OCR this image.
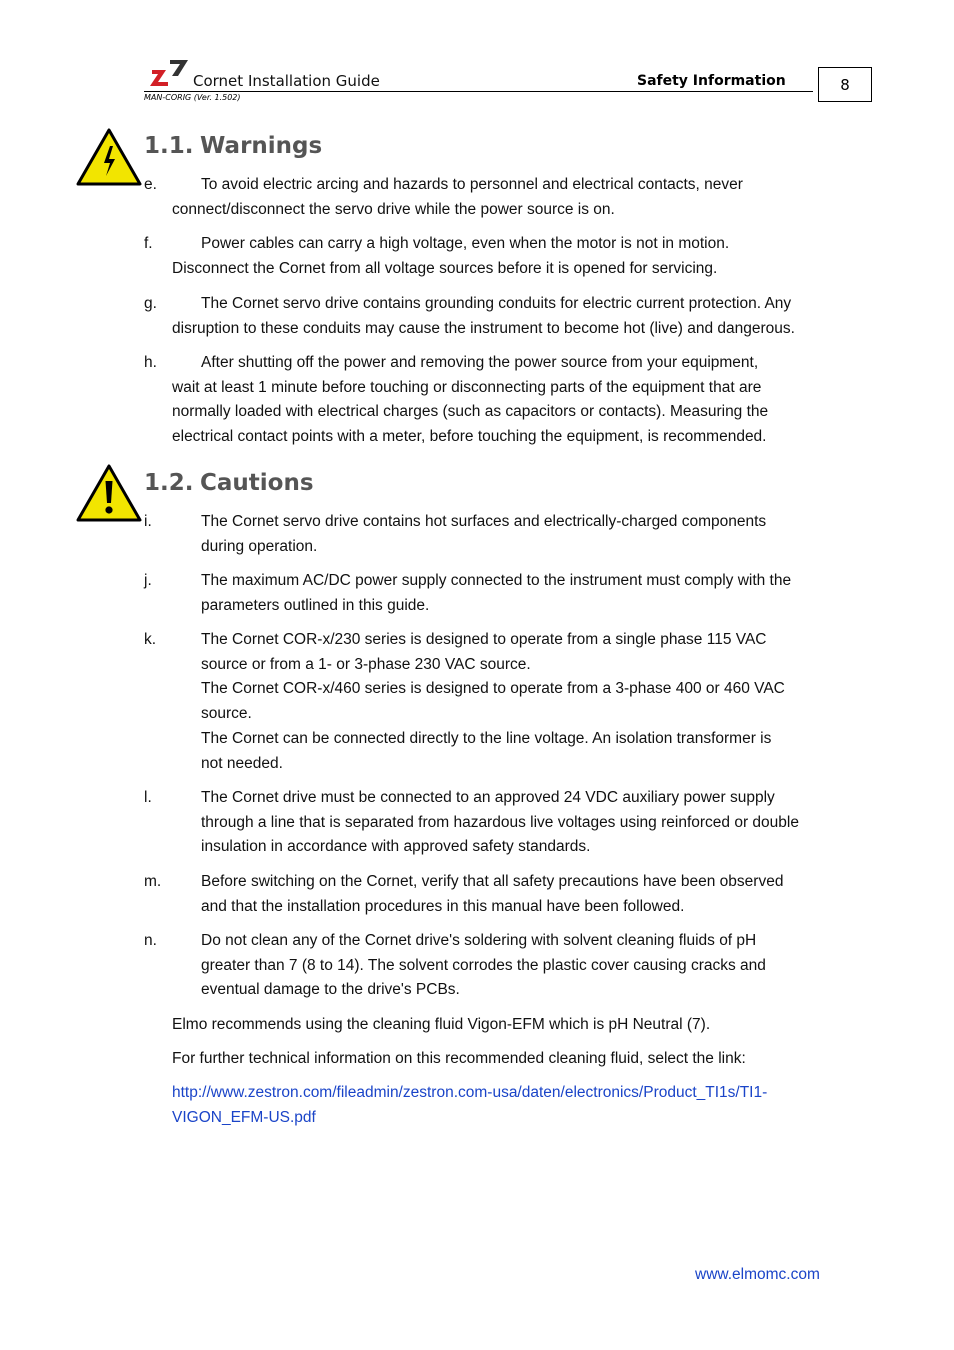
Cornet Installation Guide	Safety Information
MAN-CORIG (Ver. 1.502)
8
1.1. Warnings
e.	To avoid electric arcing and hazards to personnel and electrical contacts, never
connect/disconnect the servo drive while the power source is on.
f.	Power cables can carry a high voltage, even when the motor is not in motion.
Disconnect the Cornet from all voltage sources before it is opened for servicing.
g.	The Cornet servo drive contains grounding conduits for electric current protection. Any
disruption to these conduits may cause the instrument to become hot (live) and dangerous.
h.	After shutting off the power and removing the power source from your equipment,
wait at least 1 minute before touching or disconnecting parts of the equipment that are
normally loaded with electrical charges (such as capacitors or contacts). Measuring the
electrical contact points with a meter, before touching the equipment, is recommended.
1.2. Cautions
i.	The Cornet servo drive contains hot surfaces and electrically-charged components
during operation.
j.	The maximum AC/DC power supply connected to the instrument must comply with the
parameters outlined in this guide.
k.	The Cornet COR-x/230 series is designed to operate from a single phase 115 VAC
source or from a 1- or 3-phase 230 VAC source.
The Cornet COR-x/460 series is designed to operate from a 3-phase 400 or 460 VAC
source.
The Cornet can be connected directly to the line voltage. An isolation transformer is
not needed.
l.	The Cornet drive must be connected to an approved 24 VDC auxiliary power supply
through a line that is separated from hazardous live voltages using reinforced or double
insulation in accordance with approved safety standards.
m.	Before switching on the Cornet, verify that all safety precautions have been observed
and that the installation procedures in this manual have been followed.
n.	Do not clean any of the Cornet drive's soldering with solvent cleaning fluids of pH
greater than 7 (8 to 14). The solvent corrodes the plastic cover causing cracks and
eventual damage to the drive's PCBs.
Elmo recommends using the cleaning fluid Vigon-EFM which is pH Neutral (7).
For further technical information on this recommended cleaning fluid, select the link:
http://www.zestron.com/fileadmin/zestron.com-usa/daten/electronics/Product_TI1s/TI1-
VIGON_EFM-US.pdf
www.elmomc.com
